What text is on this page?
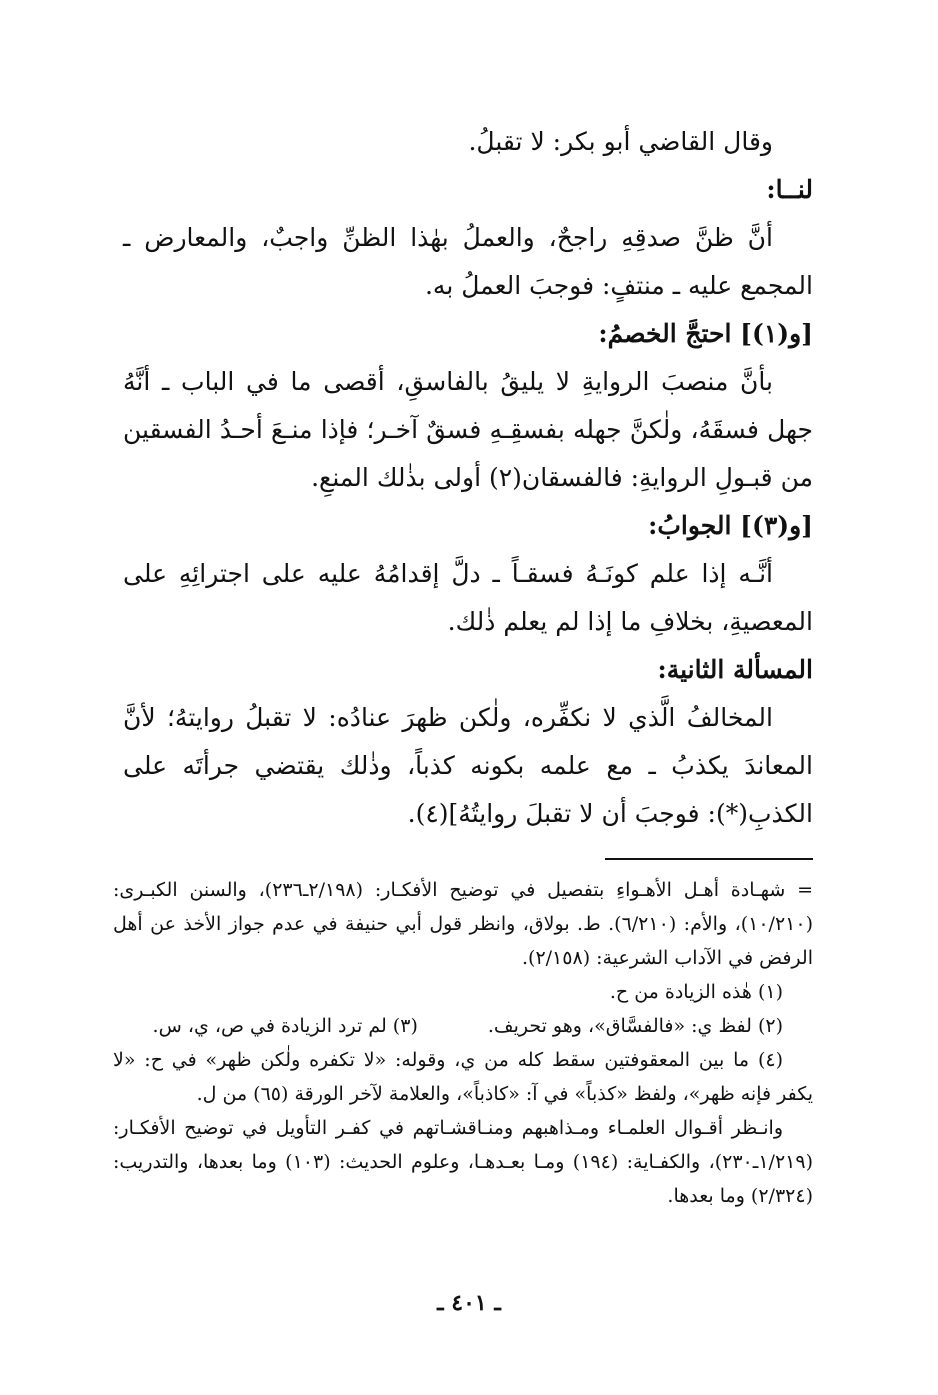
وقال القاضي أبو بكر: لا تقبلُ.

لنــا:

أنَّ ظنَّ صدقِهِ راجحٌ، والعملُ بهٰذا الظنِّ واجبٌ، والمعارض ـ المجمع عليه ـ منتفٍ: فوجبَ العملُ به.

[و(١)] احتجَّ الخصمُ:

بأنَّ منصبَ الروايةِ لا يليقُ بالفاسقِ، أقصى ما في الباب ـ أنَّهُ جهل فسقَهُ، ولٰكنَّ جهله بفسقِـهِ فسقٌ آخـر؛ فإذا منـعَ أحـدُ الفسقين من قبـولِ الروايةِ: فالفسقان(٢) أولى بذٰلك المنعِ.

[و(٣)] الجوابُ:

أنَّـه إذا علم كونَـهُ فسقـاً ـ دلَّ إقدامُهُ عليه على اجترائِهِ على المعصيةِ، بخلافِ ما إذا لم يعلم ذٰلك.

المسألة الثانية:

المخالفُ الَّذي لا نكفِّره، ولٰكن ظهرَ عنادُه: لا تقبلُ روايتهُ؛ لأنَّ المعاندَ يكذبُ ـ مع علمه بكونه كذباً، وذٰلك يقتضي جرأتَه على الكذبِ(*): فوجبَ أن لا تقبلَ روايتُهُ](٤).

= شهـادة أهـل الأهـواءِ بتفصيل في توضيح الأفكـار: (٢/١٩٨ـ٢٣٦)، والسنن الكبـرى: (١٠/٢١٠)، والأم: (٦/٢١٠). ط. بولاق، وانظر قول أبي حنيفة في عدم جواز الأخذ عن أهل الرفض في الآداب الشرعية: (٢/١٥٨).

(١) هٰذه الزيادة من ح.

(٢) لفظ ي: «فالفسَّاق»، وهو تحريف.
(٣) لم ترد الزيادة في ص، ي، س.

(٤) ما بين المعقوفتين سقط كله من ي، وقوله: «لا تكفره ولٰكن ظهر» في ح: «لا يكفر فإنه ظهر»، ولفظ «كذباً» في آ: «كاذباً»، والعلامة لآخر الورقة (٦٥) من ل.

وانـظر أقـوال العلمـاء ومـذاهبهم ومنـاقشـاتهم في كفـر التأويل في توضيح الأفكـار: (١/٢١٩ـ٢٣٠)، والكفـاية: (١٩٤) ومـا بعـدهـا، وعلوم الحديث: (١٠٣) وما بعدها، والتدريب: (٢/٣٢٤) وما بعدها.

ـ ٤٠١ ـ
